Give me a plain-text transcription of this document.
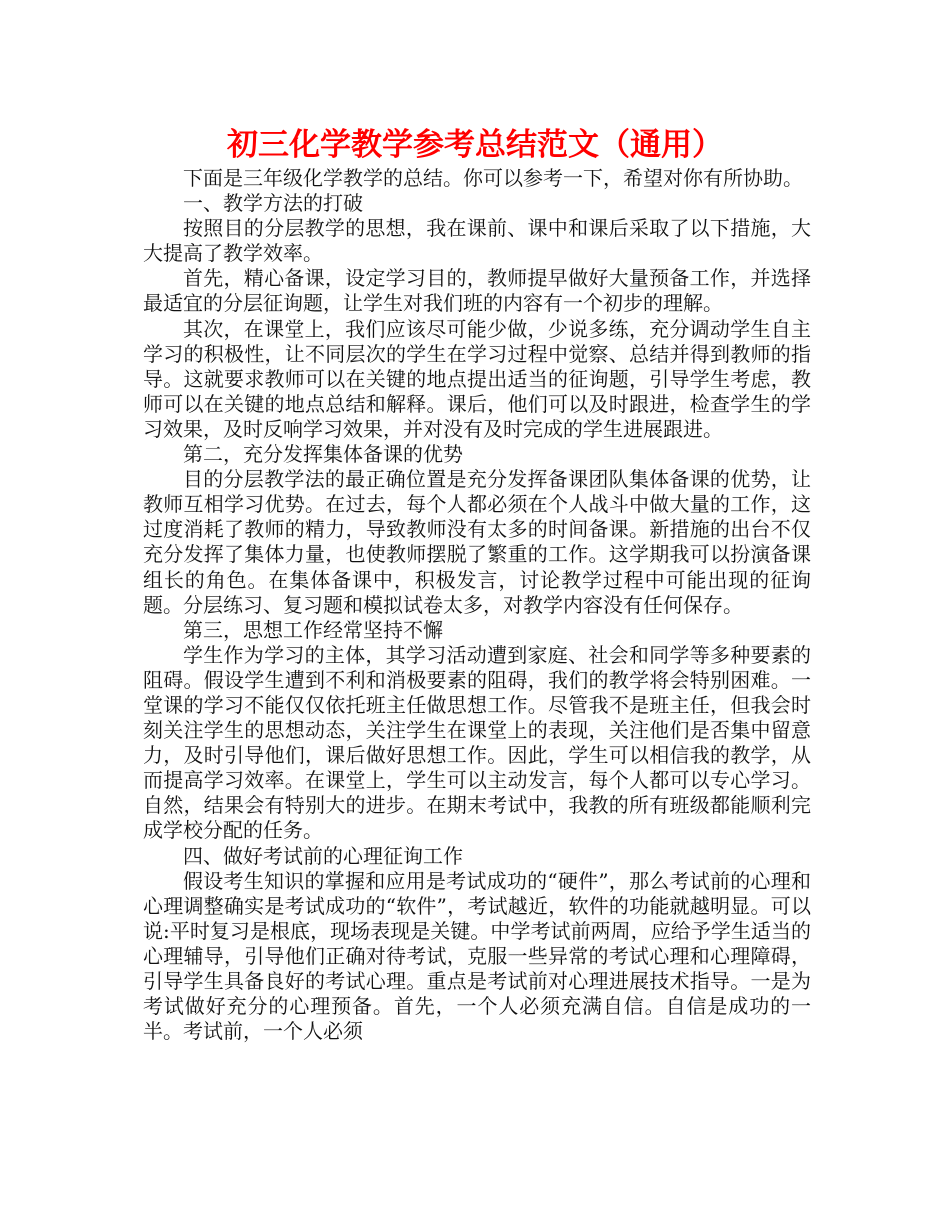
初三化学教学参考总结范文（通用）

下面是三年级化学教学的总结。你可以参考一下，希望对你有所协助。

一、教学方法的打破

按照目的分层教学的思想，我在课前、课中和课后采取了以下措施，大大提高了教学效率。

首先，精心备课，设定学习目的，教师提早做好大量预备工作，并选择最适宜的分层征询题，让学生对我们班的内容有一个初步的理解。

其次，在课堂上，我们应该尽可能少做，少说多练，充分调动学生自主学习的积极性，让不同层次的学生在学习过程中觉察、总结并得到教师的指导。这就要求教师可以在关键的地点提出适当的征询题，引导学生考虑，教师可以在关键的地点总结和解释。课后，他们可以及时跟进，检查学生的学习效果，及时反响学习效果，并对没有及时完成的学生进展跟进。

第二，充分发挥集体备课的优势

目的分层教学法的最正确位置是充分发挥备课团队集体备课的优势，让教师互相学习优势。在过去，每个人都必须在个人战斗中做大量的工作，这过度消耗了教师的精力，导致教师没有太多的时间备课。新措施的出台不仅充分发挥了集体力量，也使教师摆脱了繁重的工作。这学期我可以扮演备课组长的角色。在集体备课中，积极发言，讨论教学过程中可能出现的征询题。分层练习、复习题和模拟试卷太多，对教学内容没有任何保存。

第三，思想工作经常坚持不懈

学生作为学习的主体，其学习活动遭到家庭、社会和同学等多种要素的阻碍。假设学生遭到不利和消极要素的阻碍，我们的教学将会特别困难。一堂课的学习不能仅仅依托班主任做思想工作。尽管我不是班主任，但我会时刻关注学生的思想动态，关注学生在课堂上的表现，关注他们是否集中留意力，及时引导他们，课后做好思想工作。因此，学生可以相信我的教学，从而提高学习效率。在课堂上，学生可以主动发言，每个人都可以专心学习。自然，结果会有特别大的进步。在期末考试中，我教的所有班级都能顺利完成学校分配的任务。

四、做好考试前的心理征询工作

假设考生知识的掌握和应用是考试成功的“硬件”，那么考试前的心理和心理调整确实是考试成功的“软件”，考试越近，软件的功能就越明显。可以说:平时复习是根底，现场表现是关键。中学考试前两周，应给予学生适当的心理辅导，引导他们正确对待考试，克服一些异常的考试心理和心理障碍，引导学生具备良好的考试心理。重点是考试前对心理进展技术指导。一是为考试做好充分的心理预备。首先，一个人必须充满自信。自信是成功的一半。考试前，一个人必须
